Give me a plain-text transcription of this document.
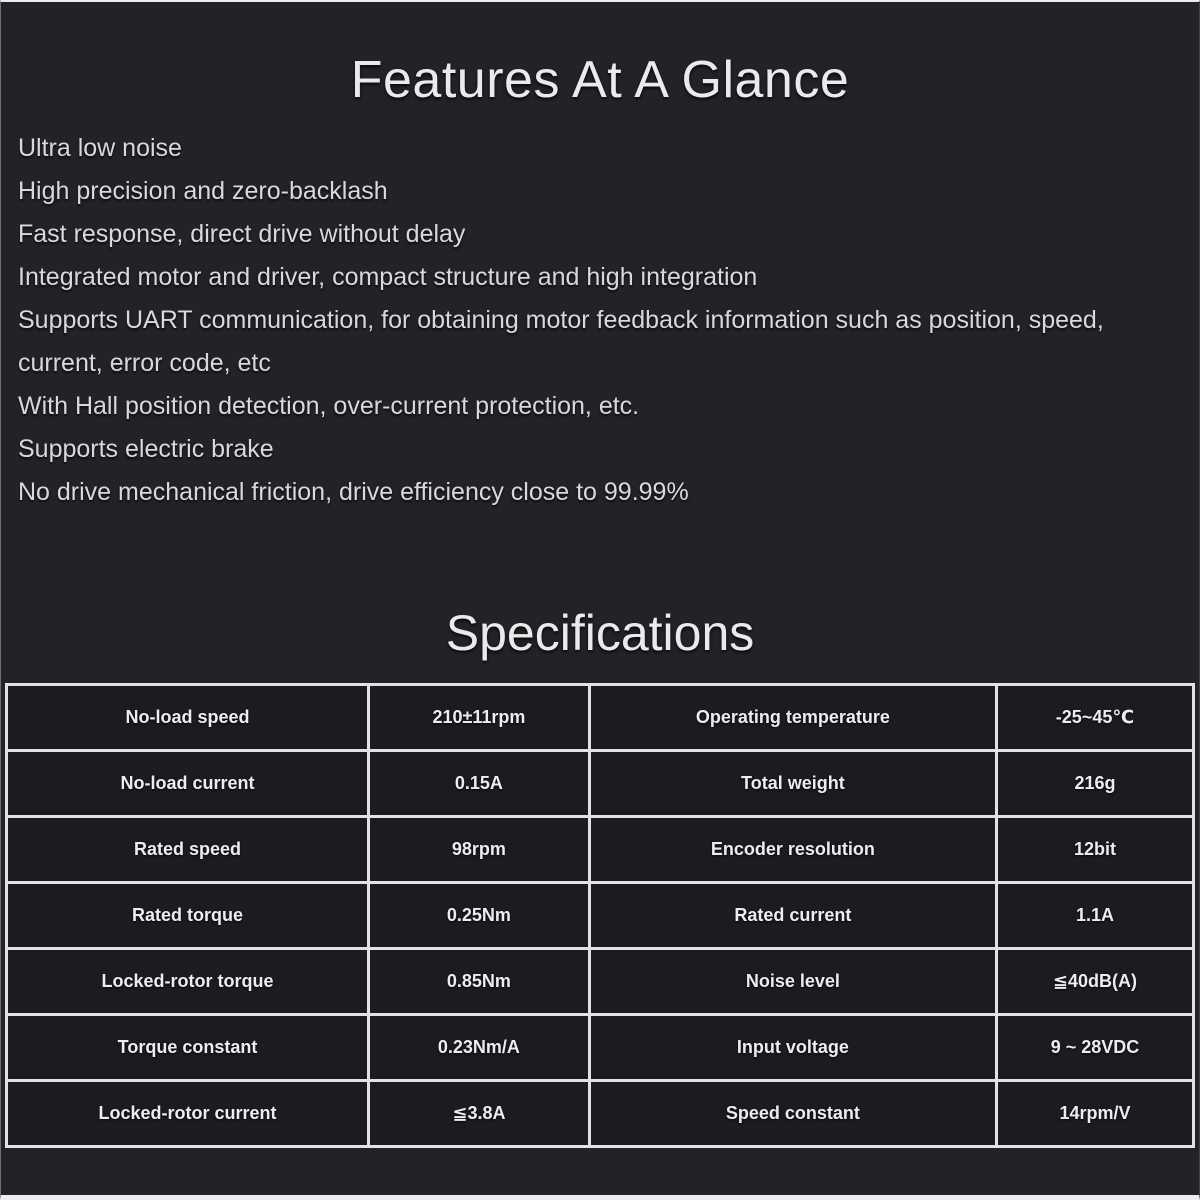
Features At A Glance

Ultra low noise

High precision and zero-backlash

Fast response, direct drive without delay

Integrated motor and driver, compact structure and high integration

Supports UART communication, for obtaining motor feedback information such as position, speed, current, error code, etc

With Hall position detection, over-current protection, etc.

Supports electric brake

No drive mechanical friction, drive efficiency close to 99.99%

Specifications
No-load speed	210±11rpm	Operating temperature	-25~45℃
No-load current	0.15A	Total weight	216g
Rated speed	98rpm	Encoder resolution	12bit
Rated torque	0.25Nm	Rated current	1.1A
Locked-rotor torque	0.85Nm	Noise level	≦40dB(A)
Torque constant	0.23Nm/A	Input voltage	9 ~ 28VDC
Locked-rotor current	≦3.8A	Speed constant	14rpm/V
